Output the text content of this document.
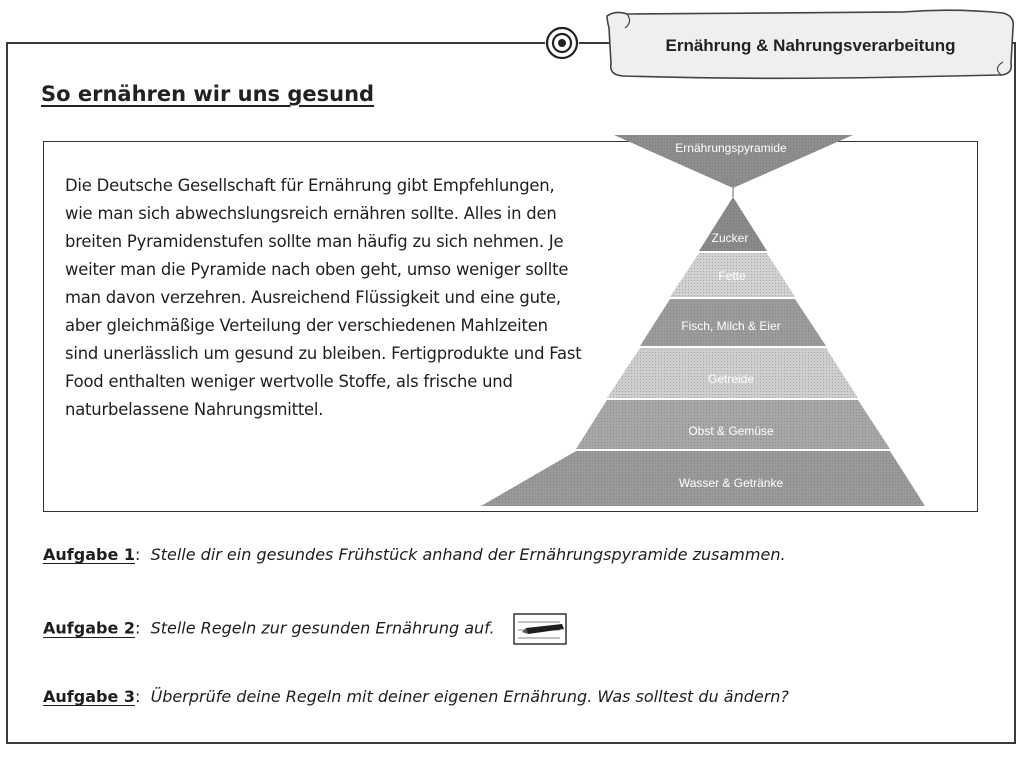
Ernährung & Nahrungsverarbeitung
So ernähren wir uns gesund
Ernährungspyramide
Zucker
Fette
Fisch, Milch & Eier
Getreide
Obst & Gemüse
Wasser & Getränke

Die Deutsche Gesellschaft für Ernährung gibt Empfehlungen, wie man sich abwechslungsreich ernähren sollte. Alles in den breiten Pyramidenstufen sollte man häufig zu sich nehmen. Je weiter man die Pyramide nach oben geht, umso weniger sollte man davon verzehren. Ausreichend Flüssigkeit und eine gute, aber gleichmäßige Verteilung der verschiedenen Mahlzeiten sind unerlässlich um gesund zu bleiben. Fertigprodukte und Fast Food enthalten weniger wertvolle Stoffe, als frische und naturbelassene Nahrungsmittel.

Aufgabe 1:  Stelle dir ein gesundes Frühstück anhand der Ernährungspyramide zusammen.

Aufgabe 2:  Stelle Regeln zur gesunden Ernährung auf.

Aufgabe 3:  Überprüfe deine Regeln mit deiner eigenen Ernährung. Was solltest du ändern?
